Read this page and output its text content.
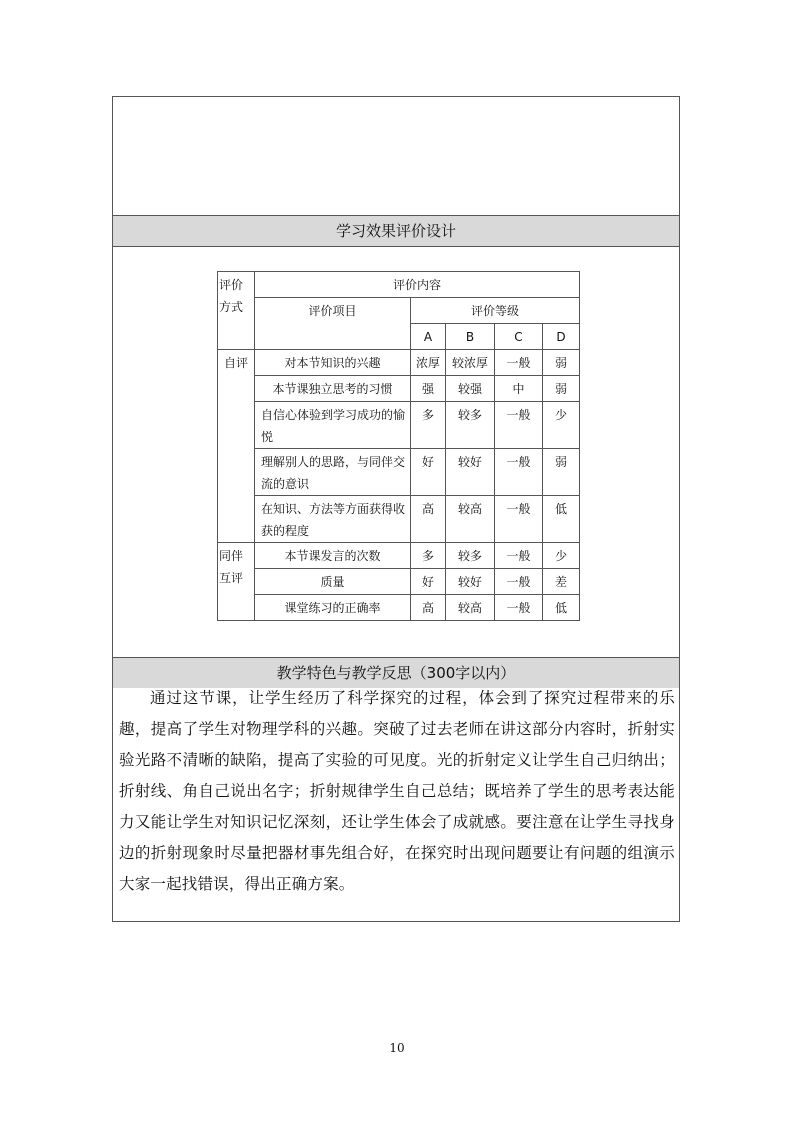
学习效果评价设计
评价方式	评价内容				
	评价项目	评价等级			
		A	B	C	D
自评	对本节知识的兴趣	浓厚	较浓厚	一般	弱
	本节课独立思考的习惯	强	较强	中	弱
	自信心体验到学习成功的愉悦	多	较多	一般	少
	理解别人的思路，与同伴交流的意识	好	较好	一般	弱
	在知识、方法等方面获得收获的程度	高	较高	一般	低
同伴互评	本节课发言的次数	多	较多	一般	少
	质量	好	较好	一般	差
	课堂练习的正确率	高	较高	一般	低
教学特色与教学反思（300字以内）

通过这节课，让学生经历了科学探究的过程，体会到了探究过程带来的乐趣，提高了学生对物理学科的兴趣。突破了过去老师在讲这部分内容时，折射实验光路不清晰的缺陷，提高了实验的可见度。光的折射定义让学生自己归纳出；折射线、角自己说出名字；折射规律学生自己总结；既培养了学生的思考表达能力又能让学生对知识记忆深刻，还让学生体会了成就感。要注意在让学生寻找身边的折射现象时尽量把器材事先组合好，在探究时出现问题要让有问题的组演示大家一起找错误，得出正确方案。

10
